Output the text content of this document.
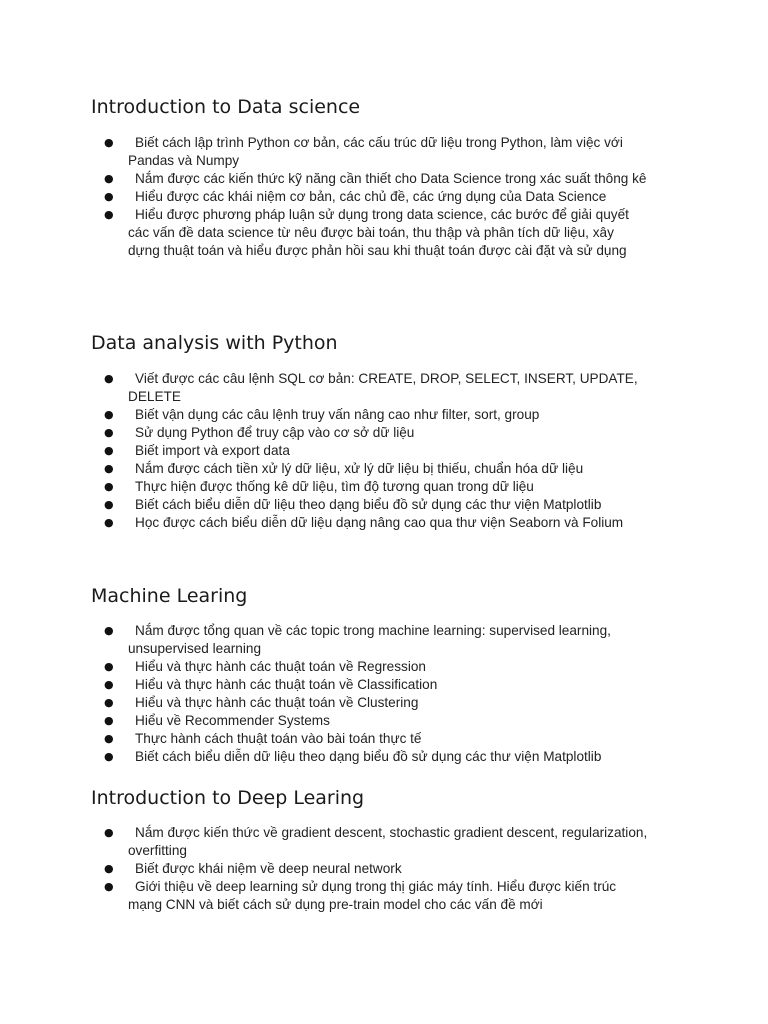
Introduction to Data science
● Biết cách lập trình Python cơ bản, các cấu trúc dữ liệu trong Python, làm việc với Pandas và Numpy
● Nắm được các kiến thức kỹ năng cần thiết cho Data Science trong xác suất thông kê
● Hiểu được các khái niệm cơ bản, các chủ đề, các ứng dụng của Data Science
● Hiểu được phương pháp luận sử dụng trong data science, các bước để giải quyết các vấn đề data science từ nêu được bài toán, thu thập và phân tích dữ liệu, xây dựng thuật toán và hiểu được phản hồi sau khi thuật toán được cài đặt và sử dụng
Data analysis with Python
● Viết được các câu lệnh SQL cơ bản: CREATE, DROP, SELECT, INSERT, UPDATE, DELETE
● Biết vận dụng các câu lệnh truy vấn nâng cao như filter, sort, group
● Sử dụng Python để truy cập vào cơ sở dữ liệu
● Biết import và export data
● Nắm được cách tiền xử lý dữ liệu, xử lý dữ liệu bị thiếu, chuẩn hóa dữ liệu
● Thực hiện được thống kê dữ liệu, tìm độ tương quan trong dữ liệu
● Biết cách biểu diễn dữ liệu theo dạng biểu đồ sử dụng các thư viện Matplotlib
● Học được cách biểu diễn dữ liệu dạng nâng cao qua thư viện Seaborn và Folium
Machine Learing
● Nắm được tổng quan về các topic trong machine learning: supervised learning, unsupervised learning
● Hiểu và thực hành các thuật toán về Regression
● Hiểu và thực hành các thuật toán về Classification
● Hiểu và thực hành các thuật toán về Clustering
● Hiểu về Recommender Systems
● Thực hành cách thuật toán vào bài toán thực tế
● Biết cách biểu diễn dữ liệu theo dạng biểu đồ sử dụng các thư viện Matplotlib
Introduction to Deep Learing
● Nắm được kiến thức về gradient descent, stochastic gradient descent, regularization, overfitting
● Biết được khái niệm về deep neural network
● Giới thiệu về deep learning sử dụng trong thị giác máy tính. Hiểu được kiến trúc mạng CNN và biết cách sử dụng pre-train model cho các vấn đề mới
